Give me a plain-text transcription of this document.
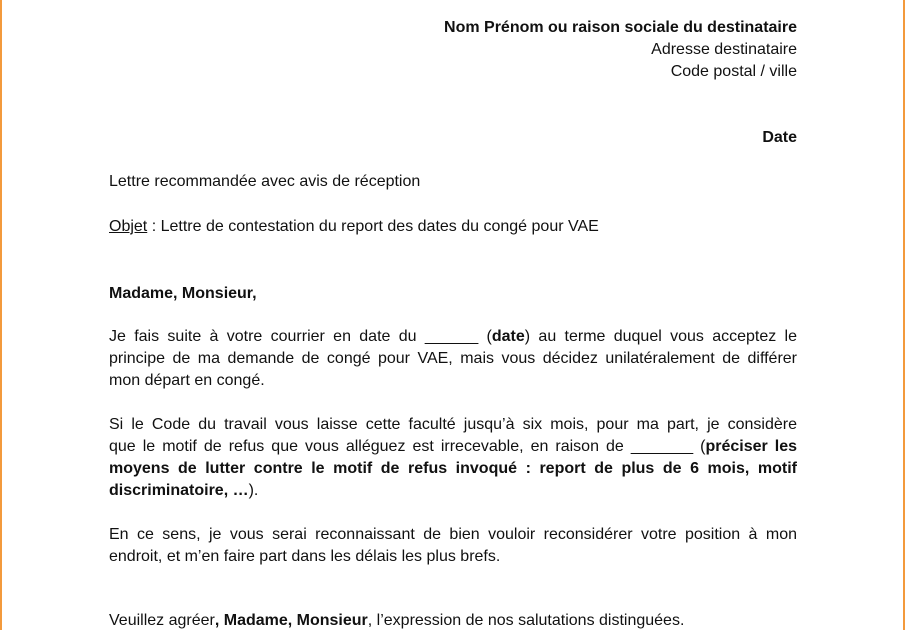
Nom Prénom ou raison sociale du destinataire
Adresse destinataire
Code postal / ville
Date
Lettre recommandée avec avis de réception
Objet : Lettre de contestation du report des dates du congé pour VAE
Madame, Monsieur,
Je fais suite à votre courrier en date du ______ (date) au terme duquel vous acceptez le
principe de ma demande de congé pour VAE, mais vous décidez unilatéralement de différer
mon départ en congé.
Si le Code du travail vous laisse cette faculté jusqu’à six mois, pour ma part, je considère
que le motif de refus que vous alléguez est irrecevable, en raison de _______ (préciser les
moyens de lutter contre le motif de refus invoqué : report de plus de 6 mois, motif
discriminatoire, …).
En ce sens, je vous serai reconnaissant de bien vouloir reconsidérer votre position à mon
endroit, et m’en faire part dans les délais les plus brefs.
Veuillez agréer, Madame, Monsieur, l’expression de nos salutations distinguées.
